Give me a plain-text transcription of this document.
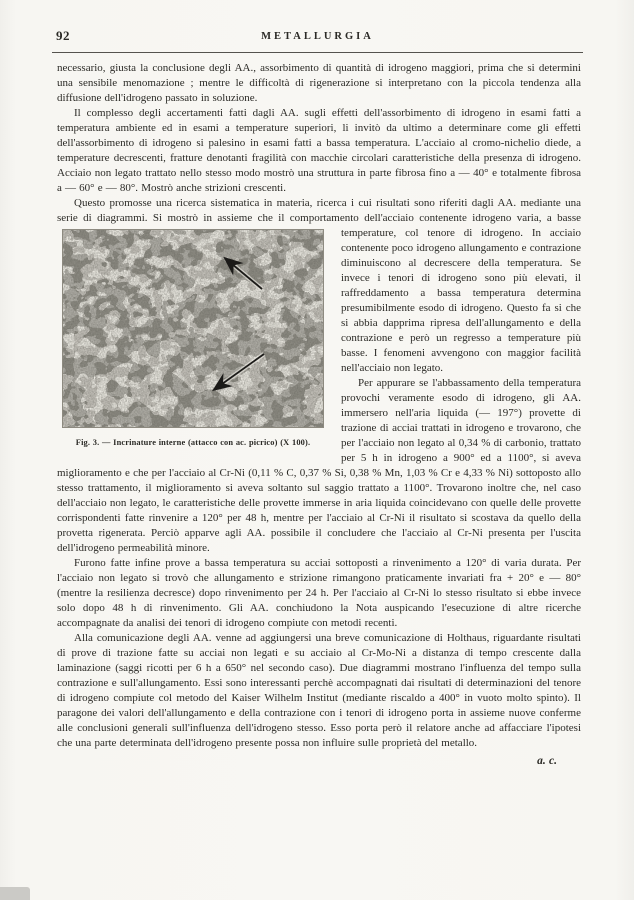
92	METALLURGIA

necessario, giusta la conclusione degli AA., assorbimento di quantità di idrogeno maggiori, prima che si determini una sensibile menomazione ; mentre le difficoltà di rigenerazione si interpretano con la piccola tendenza alla diffusione dell'idrogeno passato in soluzione.

Il complesso degli accertamenti fatti dagli AA. sugli effetti dell'assorbimento di idrogeno in esami fatti a temperatura ambiente ed in esami a temperature superiori, li invitò da ultimo a determinare come gli effetti dell'assorbimento di idrogeno si palesino in esami fatti a bassa temperatura. L'acciaio al cromo-nichelio diede, a temperature decrescenti, fratture denotanti fragilità con macchie circolari caratteristiche della presenza di idrogeno. Acciaio non legato trattato nello stesso modo mostrò una struttura in parte fibrosa fino a — 40° e totalmente fibrosa a — 60° e — 80°. Mostrò anche strizioni crescenti.

Questo promosse una ricerca sistematica in materia, ricerca i cui risultati sono riferiti dagli AA. mediante una serie di diagrammi. Si mostrò in assieme che il comportamento dell'acciaio contenente
Fig. 3. — Incrinature interne (attacco con ac. picrico) (X 100).
idrogeno varia, a basse temperature, col tenore di idrogeno. In acciaio contenente poco idrogeno allungamento e contrazione diminuiscono al decrescere della temperatura. Se invece i tenori di idrogeno sono più elevati, il raffreddamento a bassa temperatura determina presumibilmente esodo di idrogeno. Questo fa si che si abbia dapprima ripresa dell'allungamento e della contrazione e però un regresso a temperature più basse. I fenomeni avvengono con maggior facilità nell'acciaio non legato.

Per appurare se l'abbassamento della temperatura provochi veramente esodo di idrogeno, gli AA. immersero nell'aria liquida (— 197°) provette di trazione di acciai trattati in idrogeno e trovarono, che per l'acciaio non legato al 0,34 % di carbonio, trattato per 5 h in idrogeno a 900° ed a 1100°, si aveva miglioramento e che per l'acciaio al Cr-Ni (0,11 % C, 0,37 % Si, 0,38 % Mn, 1,03 % Cr e 4,33 % Ni) sottoposto allo stesso trattamento, il miglioramento si aveva soltanto sul saggio trattato a 1100°. Trovarono inoltre che, nel caso dell'acciaio non legato, le caratteristiche delle provette immerse in aria liquida coincidevano con quelle delle provette corrispondenti fatte rinvenire a 120° per 48 h, mentre per l'acciaio al Cr-Ni il risultato si scostava da quello della provetta rigenerata. Perciò apparve agli AA. possibile il concludere che l'acciaio al Cr-Ni presenta per l'uscita dell'idrogeno permeabilità minore.

Furono fatte infine prove a bassa temperatura su acciai sottoposti a rinvenimento a 120° di varia durata. Per l'acciaio non legato si trovò che allungamento e strizione rimangono praticamente invariati fra + 20° e — 80° (mentre la resilienza decresce) dopo rinvenimento per 24 h. Per l'acciaio al Cr-Ni lo stesso risultato si ebbe invece solo dopo 48 h di rinvenimento. Gli AA. conchiudono la Nota auspicando l'esecuzione di altre ricerche accompagnate da analisi dei tenori di idrogeno compiute con metodi recenti.

Alla comunicazione degli AA. venne ad aggiungersi una breve comunicazione di Holthaus, riguardante risultati di prove di trazione fatte su acciai non legati e su acciaio al Cr-Mo-Ni a distanza di tempo crescente dalla laminazione (saggi ricotti per 6 h a 650° nel secondo caso). Due diagrammi mostrano l'influenza del tempo sulla contrazione e sull'allungamento. Essi sono interessanti perchè accompagnati dai risultati di determinazioni del tenore di idrogeno compiute col metodo del Kaiser Wilhelm Institut (mediante riscaldo a 400° in vuoto molto spinto). Il paragone dei valori dell'allungamento e della contrazione con i tenori di idrogeno porta in assieme nuove conferme alle conclusioni generali sull'influenza dell'idrogeno stesso. Esso porta però il relatore anche ad affacciare l'ipotesi che una parte determinata dell'idrogeno presente possa non influire sulle proprietà del metallo.

a. c.
